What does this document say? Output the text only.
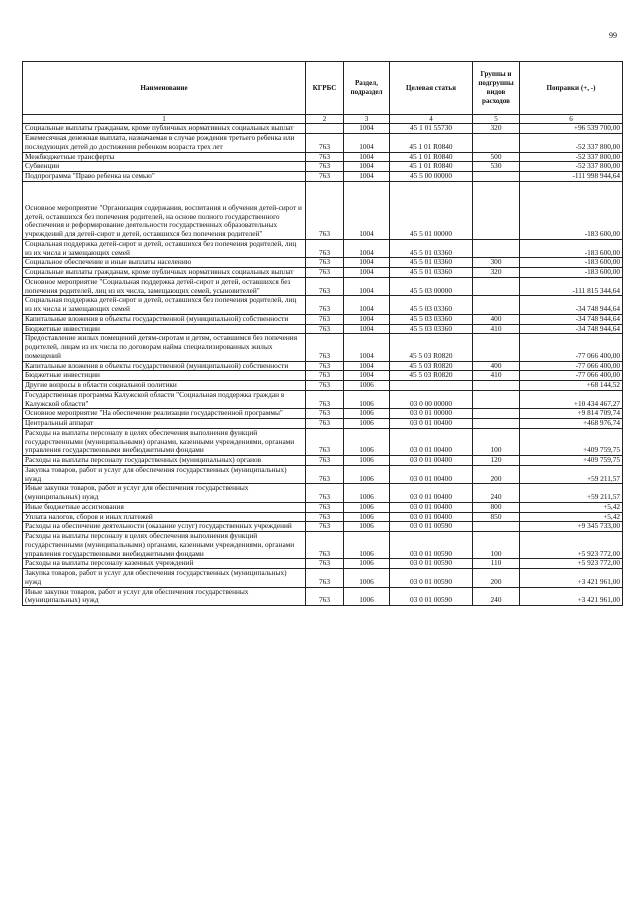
99
Наименование	КГРБС	Раздел, подраздел	Целевая статья	Группы и подгруппы видов расходов	Поправки (+, -)
1	2	3	4	5	6
Социальные выплаты гражданам, кроме публичных нормативных социальных выплат		1004	45 1 01 55730	320	+96 539 700,00
Ежемесячная денежная выплата, назначаемая в случае рождения третьего ребенка или последующих детей до достижения ребенком возраста трех лет	763	1004	45 1 01 R0840		-52 337 800,00
Межбюджетные трансферты	763	1004	45 1 01 R0840	500	-52 337 800,00
Субвенции	763	1004	45 1 01 R0840	530	-52 337 800,00
Подпрограмма "Право ребенка на семью"	763	1004	45 5 00 00000		-111 998 944,64
Основное мероприятие "Организация содержания, воспитания и обучения детей-сирот и детей, оставшихся без попечения родителей, на основе полного государственного обеспечения и реформирование деятельности государственных образовательных учреждений для детей-сирот и детей, оставшихся без попечения родителей"	763	1004	45 5 01 00000		-183 600,00
Социальная поддержка детей-сирот и детей, оставшихся без попечения родителей, лиц из их числа и замещающих семей	763	1004	45 5 01 03360		-183 600,00
Социальное обеспечение и иные выплаты населению	763	1004	45 5 01 03360	300	-183 600,00
Социальные выплаты гражданам, кроме публичных нормативных социальных выплат	763	1004	45 5 01 03360	320	-183 600,00
Основное мероприятие "Социальная поддержка детей-сирот и детей, оставшихся без попечения родителей, лиц из их числа, замещающих семей, усыновителей"	763	1004	45 5 03 00000		-111 815 344,64
Социальная поддержка детей-сирот и детей, оставшихся без попечения родителей, лиц из их числа и замещающих семей	763	1004	45 5 03 03360		-34 748 944,64
Капитальные вложения в объекты государственной (муниципальной) собственности	763	1004	45 5 03 03360	400	-34 748 944,64
Бюджетные инвестиции	763	1004	45 5 03 03360	410	-34 748 944,64
Предоставление жилых помещений детям-сиротам и детям, оставшимся без попечения родителей, лицам из их числа по договорам найма специализированных жилых помещений	763	1004	45 5 03 R0820		-77 066 400,00
Капитальные вложения в объекты государственной (муниципальной) собственности	763	1004	45 5 03 R0820	400	-77 066 400,00
Бюджетные инвестиции	763	1004	45 5 03 R0820	410	-77 066 400,00
Другие вопросы в области социальной политики	763	1006			+68 144,52
Государственная программа Калужской области "Социальная поддержка граждан в Калужской области"	763	1006	03 0 00 00000		+10 434 467,27
Основное мероприятие "На обеспечение реализации государственной программы"	763	1006	03 0 01 00000		+9 814 709,74
Центральный аппарат	763	1006	03 0 01 00400		+468 976,74
Расходы на выплаты персоналу в целях обеспечения выполнения функций государственными (муниципальными) органами, казенными учреждениями, органами управления государственными внебюджетными фондами	763	1006	03 0 01 00400	100	+409 759,75
Расходы на выплаты персоналу государственных (муниципальных) органов	763	1006	03 0 01 00400	120	+409 759,75
Закупка товаров, работ и услуг для обеспечения государственных (муниципальных) нужд	763	1006	03 0 01 00400	200	+59 211,57
Иные закупки товаров, работ и услуг для обеспечения государственных (муниципальных) нужд	763	1006	03 0 01 00400	240	+59 211,57
Иные бюджетные ассигнования	763	1006	03 0 01 00400	800	+5,42
Уплата налогов, сборов и иных платежей	763	1006	03 0 01 00400	850	+5,42
Расходы на обеспечение деятельности (оказание услуг) государственных учреждений	763	1006	03 0 01 00590		+9 345 733,00
Расходы на выплаты персоналу в целях обеспечения выполнения функций государственными (муниципальными) органами, казенными учреждениями, органами управления государственными внебюджетными фондами	763	1006	03 0 01 00590	100	+5 923 772,00
Расходы на выплаты персоналу казенных учреждений	763	1006	03 0 01 00590	110	+5 923 772,00
Закупка товаров, работ и услуг для обеспечения государственных (муниципальных) нужд	763	1006	03 0 01 00590	200	+3 421 961,00
Иные закупки товаров, работ и услуг для обеспечения государственных (муниципальных) нужд	763	1006	03 0 01 00590	240	+3 421 961,00
